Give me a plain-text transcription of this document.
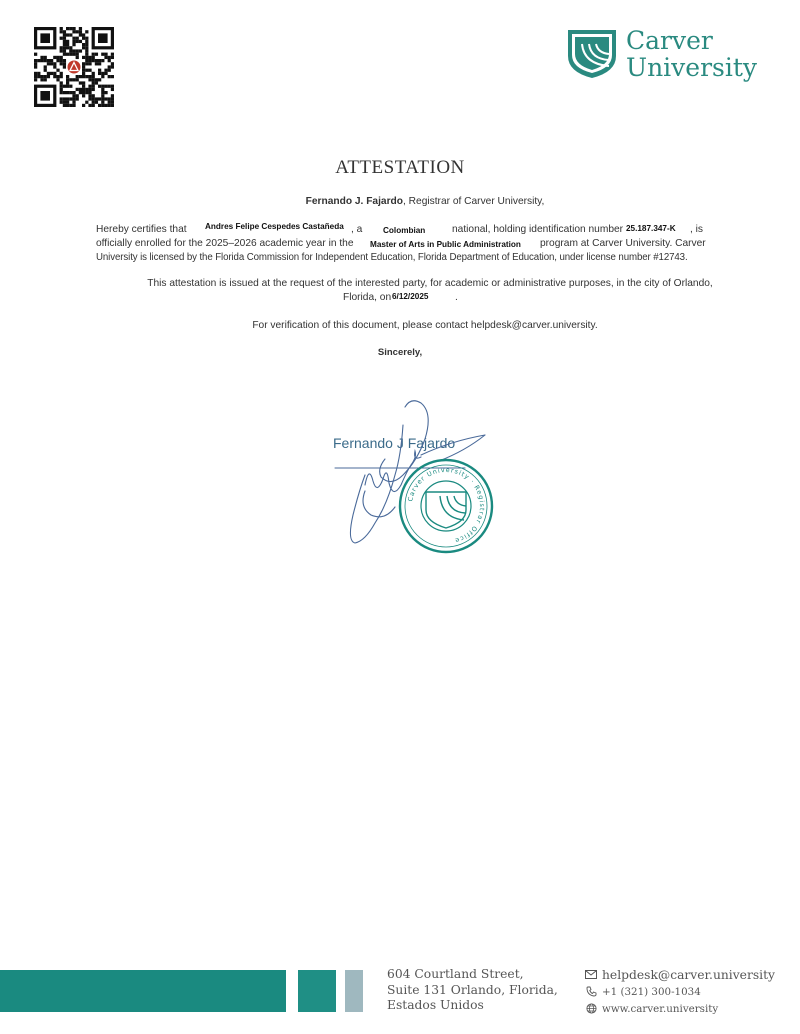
Carver
University
ATTESTATION
Fernando J. Fajardo, Registrar of Carver University,
Hereby certifies that Andres Felipe Cespedes Castañeda , a	Colombian	national, holding identification number 25.187.347-K , is
officially enrolled for the 2025–2026 academic year in the Master of Arts in Public Administration program at Carver University. Carver
University is licensed by the Florida Commission for Independent Education, Florida Department of Education, under license number #12743.
This attestation is issued at the request of the interested party, for academic or administrative purposes, in the city of Orlando,
Florida, on 6/12/2025	.
For verification of this document, please contact helpdesk@carver.university.
Sincerely,
Fernando J Fajardo
Carver University · Registrar Office
604 Courtland Street,
Suite 131 Orlando, Florida,
Estados Unidos
helpdesk@carver.university
+1 (321) 300-1034
www.carver.university
